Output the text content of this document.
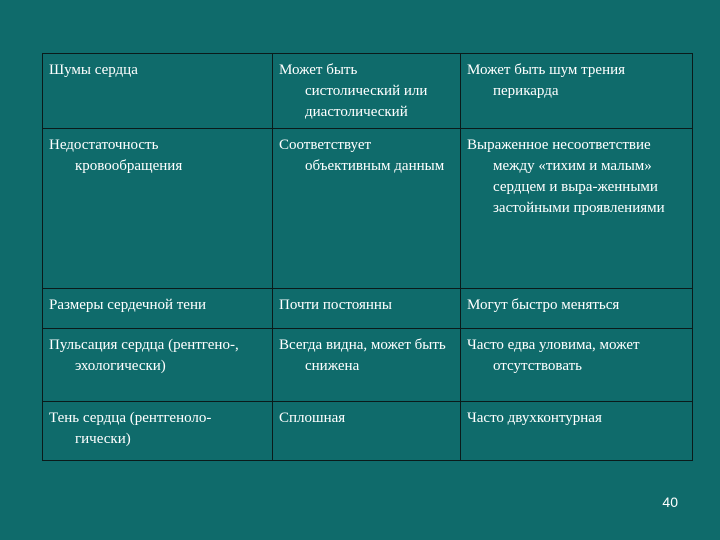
Шумы сердца	Может быть систолический или диастолический	Может быть шум трения перикарда

Недостаточность кровообращения	Соответствует объективным данным	Выраженное несоответствие между «тихим и малым» сердцем и выра-женными застойными проявлениями

Размеры сердечной тени	Почти постоянны	Могут быстро меняться

Пульсация сердца (рентгено-, эхологически)	Всегда видна, может быть снижена	Часто едва уловима, может отсутствовать

Тень сердца (рентгеноло-гически)	Сплошная	Часто двухконтурная
40
